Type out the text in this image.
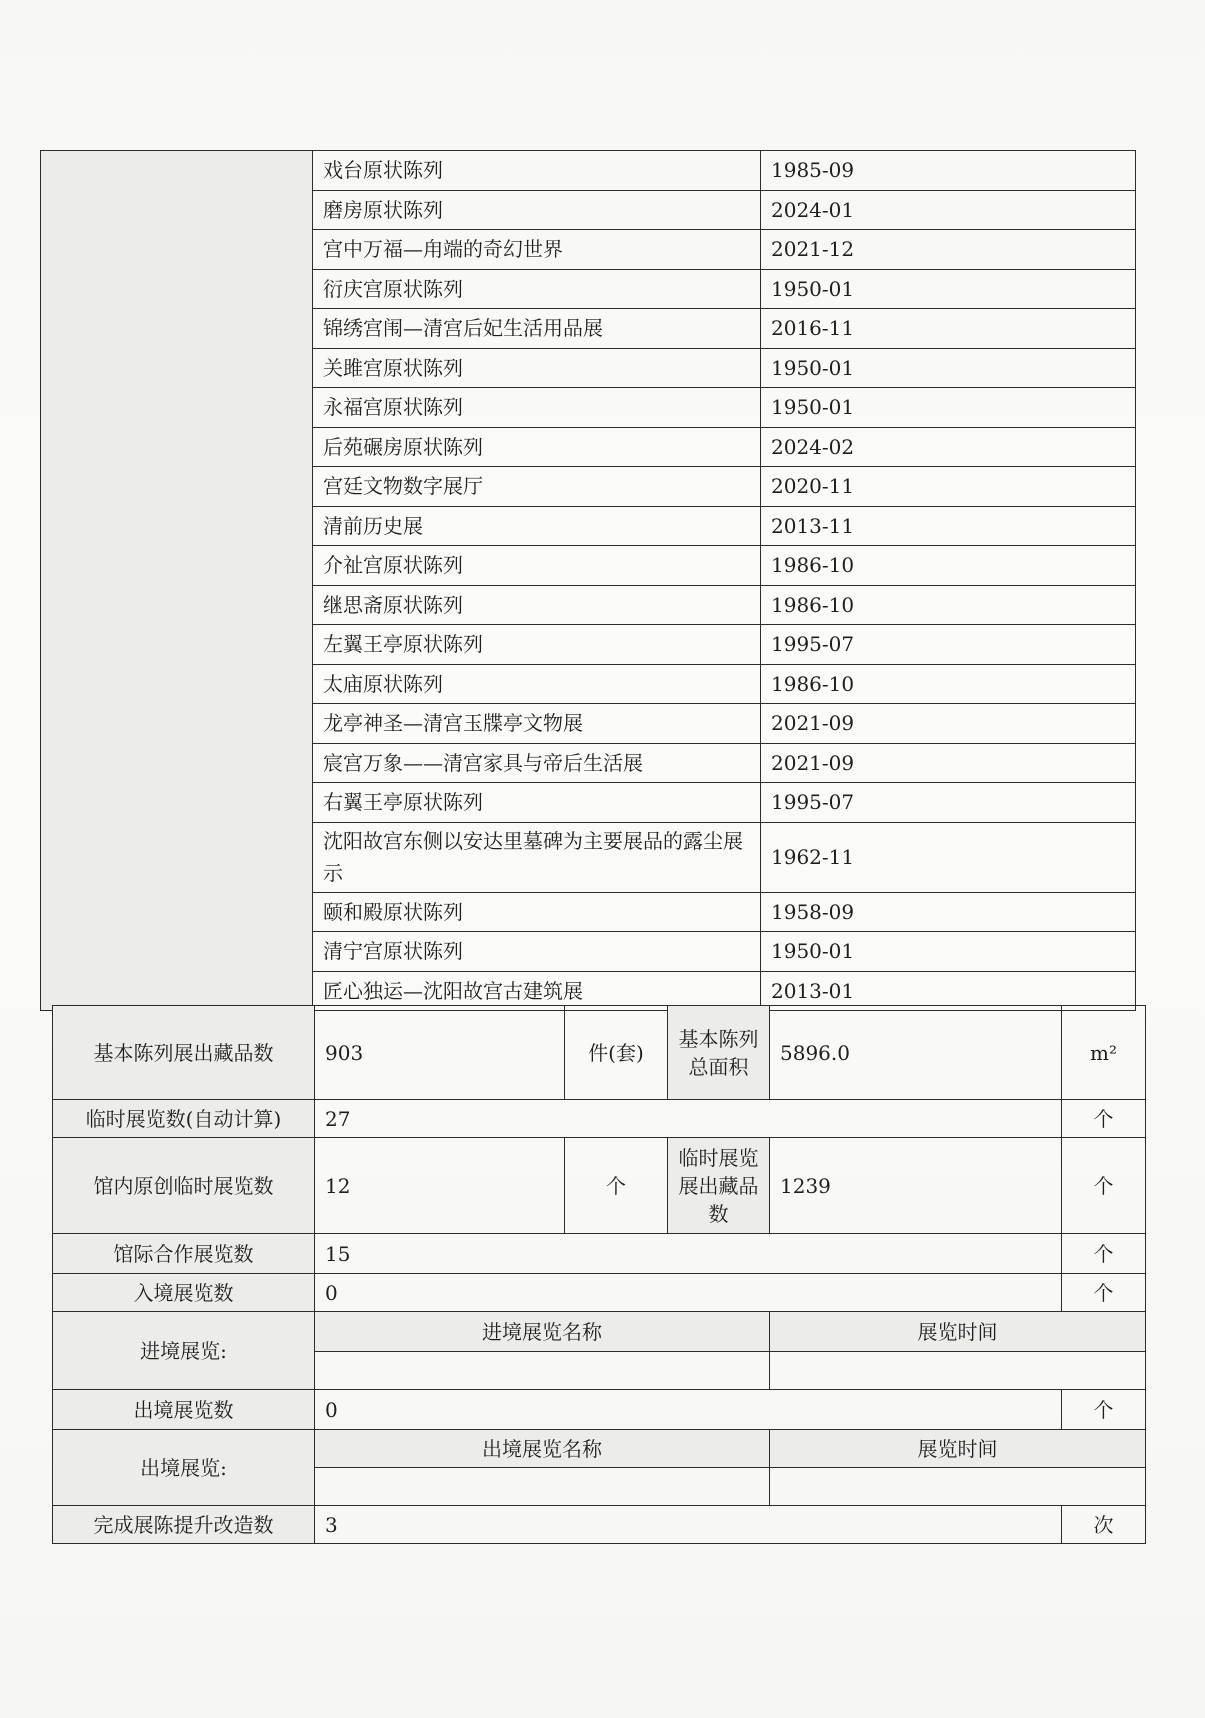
	戏台原状陈列	1985-09
	磨房原状陈列	2024-01
	宫中万福—甪端的奇幻世界	2021-12
	衍庆宫原状陈列	1950-01
	锦绣宫闱—清宫后妃生活用品展	2016-11
	关雎宫原状陈列	1950-01
	永福宫原状陈列	1950-01
	后苑碾房原状陈列	2024-02
	宫廷文物数字展厅	2020-11
	清前历史展	2013-11
	介祉宫原状陈列	1986-10
	继思斋原状陈列	1986-10
	左翼王亭原状陈列	1995-07
	太庙原状陈列	1986-10
	龙亭神圣—清宫玉牒亭文物展	2021-09
	宸宫万象——清宫家具与帝后生活展	2021-09
	右翼王亭原状陈列	1995-07
	沈阳故宫东侧以安达里墓碑为主要展品的露尘展示	1962-11
	颐和殿原状陈列	1958-09
	清宁宫原状陈列	1950-01
	匠心独运—沈阳故宫古建筑展	2013-01
基本陈列展出藏品数	903	件(套)	基本陈列总面积	5896.0	m²
临时展览数(自动计算)	27				个
馆内原创临时展览数	12	个	临时展览展出藏品数	1239	个
馆际合作展览数	15				个
入境展览数	0				个
进境展览:	进境展览名称			展览时间	

出境展览数	0				个
出境展览:	出境展览名称			展览时间	

完成展陈提升改造数	3				次
